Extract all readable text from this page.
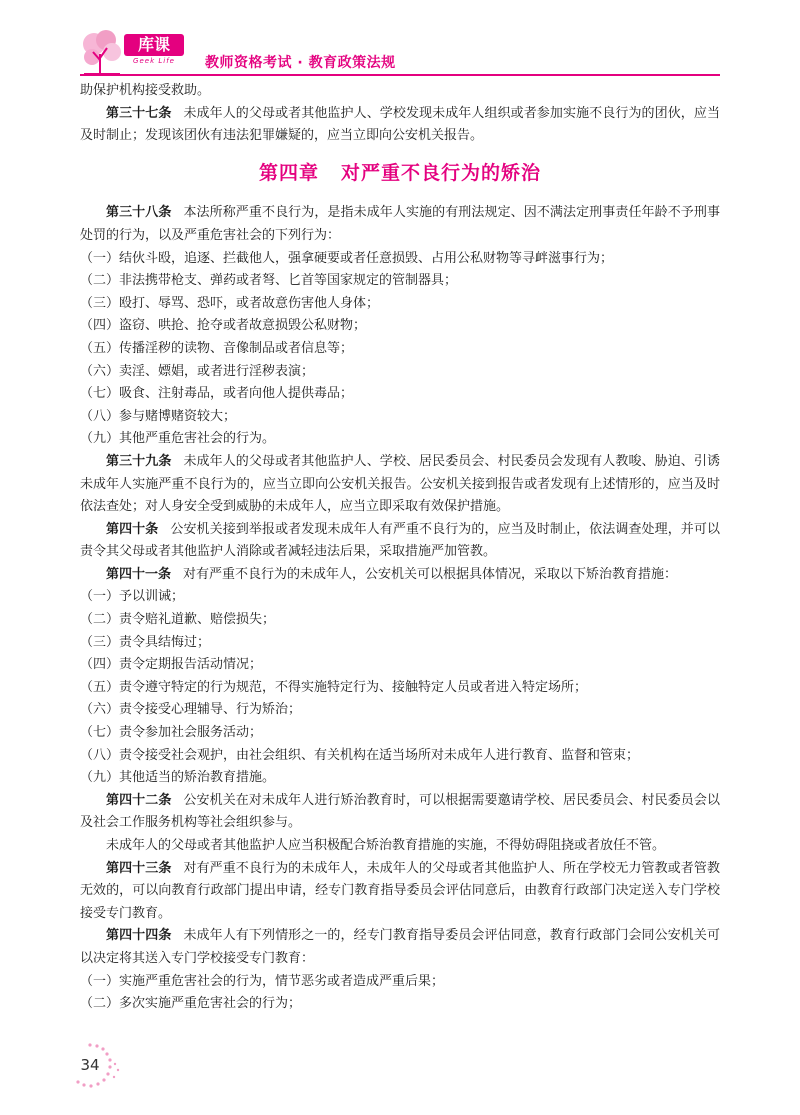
库课
Geek Life	教师资格考试 · 教育政策法规

助保护机构接受救助。

第三十七条 未成年人的父母或者其他监护人、学校发现未成年人组织或者参加实施不良行为的团伙，应当及时制止；发现该团伙有违法犯罪嫌疑的，应当立即向公安机关报告。

第四章 对严重不良行为的矫治

第三十八条 本法所称严重不良行为，是指未成年人实施的有刑法规定、因不满法定刑事责任年龄不予刑事处罚的行为，以及严重危害社会的下列行为：

（一）结伙斗殴，追逐、拦截他人，强拿硬要或者任意损毁、占用公私财物等寻衅滋事行为；

（二）非法携带枪支、弹药或者弩、匕首等国家规定的管制器具；

（三）殴打、辱骂、恐吓，或者故意伤害他人身体；

（四）盗窃、哄抢、抢夺或者故意损毁公私财物；

（五）传播淫秽的读物、音像制品或者信息等；

（六）卖淫、嫖娼，或者进行淫秽表演；

（七）吸食、注射毒品，或者向他人提供毒品；

（八）参与赌博赌资较大；

（九）其他严重危害社会的行为。

第三十九条 未成年人的父母或者其他监护人、学校、居民委员会、村民委员会发现有人教唆、胁迫、引诱未成年人实施严重不良行为的，应当立即向公安机关报告。公安机关接到报告或者发现有上述情形的，应当及时依法查处；对人身安全受到威胁的未成年人，应当立即采取有效保护措施。

第四十条 公安机关接到举报或者发现未成年人有严重不良行为的，应当及时制止，依法调查处理，并可以责令其父母或者其他监护人消除或者减轻违法后果，采取措施严加管教。

第四十一条 对有严重不良行为的未成年人，公安机关可以根据具体情况，采取以下矫治教育措施：

（一）予以训诫；

（二）责令赔礼道歉、赔偿损失；

（三）责令具结悔过；

（四）责令定期报告活动情况；

（五）责令遵守特定的行为规范，不得实施特定行为、接触特定人员或者进入特定场所；

（六）责令接受心理辅导、行为矫治；

（七）责令参加社会服务活动；

（八）责令接受社会观护，由社会组织、有关机构在适当场所对未成年人进行教育、监督和管束；

（九）其他适当的矫治教育措施。

第四十二条 公安机关在对未成年人进行矫治教育时，可以根据需要邀请学校、居民委员会、村民委员会以及社会工作服务机构等社会组织参与。

未成年人的父母或者其他监护人应当积极配合矫治教育措施的实施，不得妨碍阻挠或者放任不管。

第四十三条 对有严重不良行为的未成年人，未成年人的父母或者其他监护人、所在学校无力管教或者管教无效的，可以向教育行政部门提出申请，经专门教育指导委员会评估同意后，由教育行政部门决定送入专门学校接受专门教育。

第四十四条 未成年人有下列情形之一的，经专门教育指导委员会评估同意，教育行政部门会同公安机关可以决定将其送入专门学校接受专门教育：

（一）实施严重危害社会的行为，情节恶劣或者造成严重后果；

（二）多次实施严重危害社会的行为；

34
